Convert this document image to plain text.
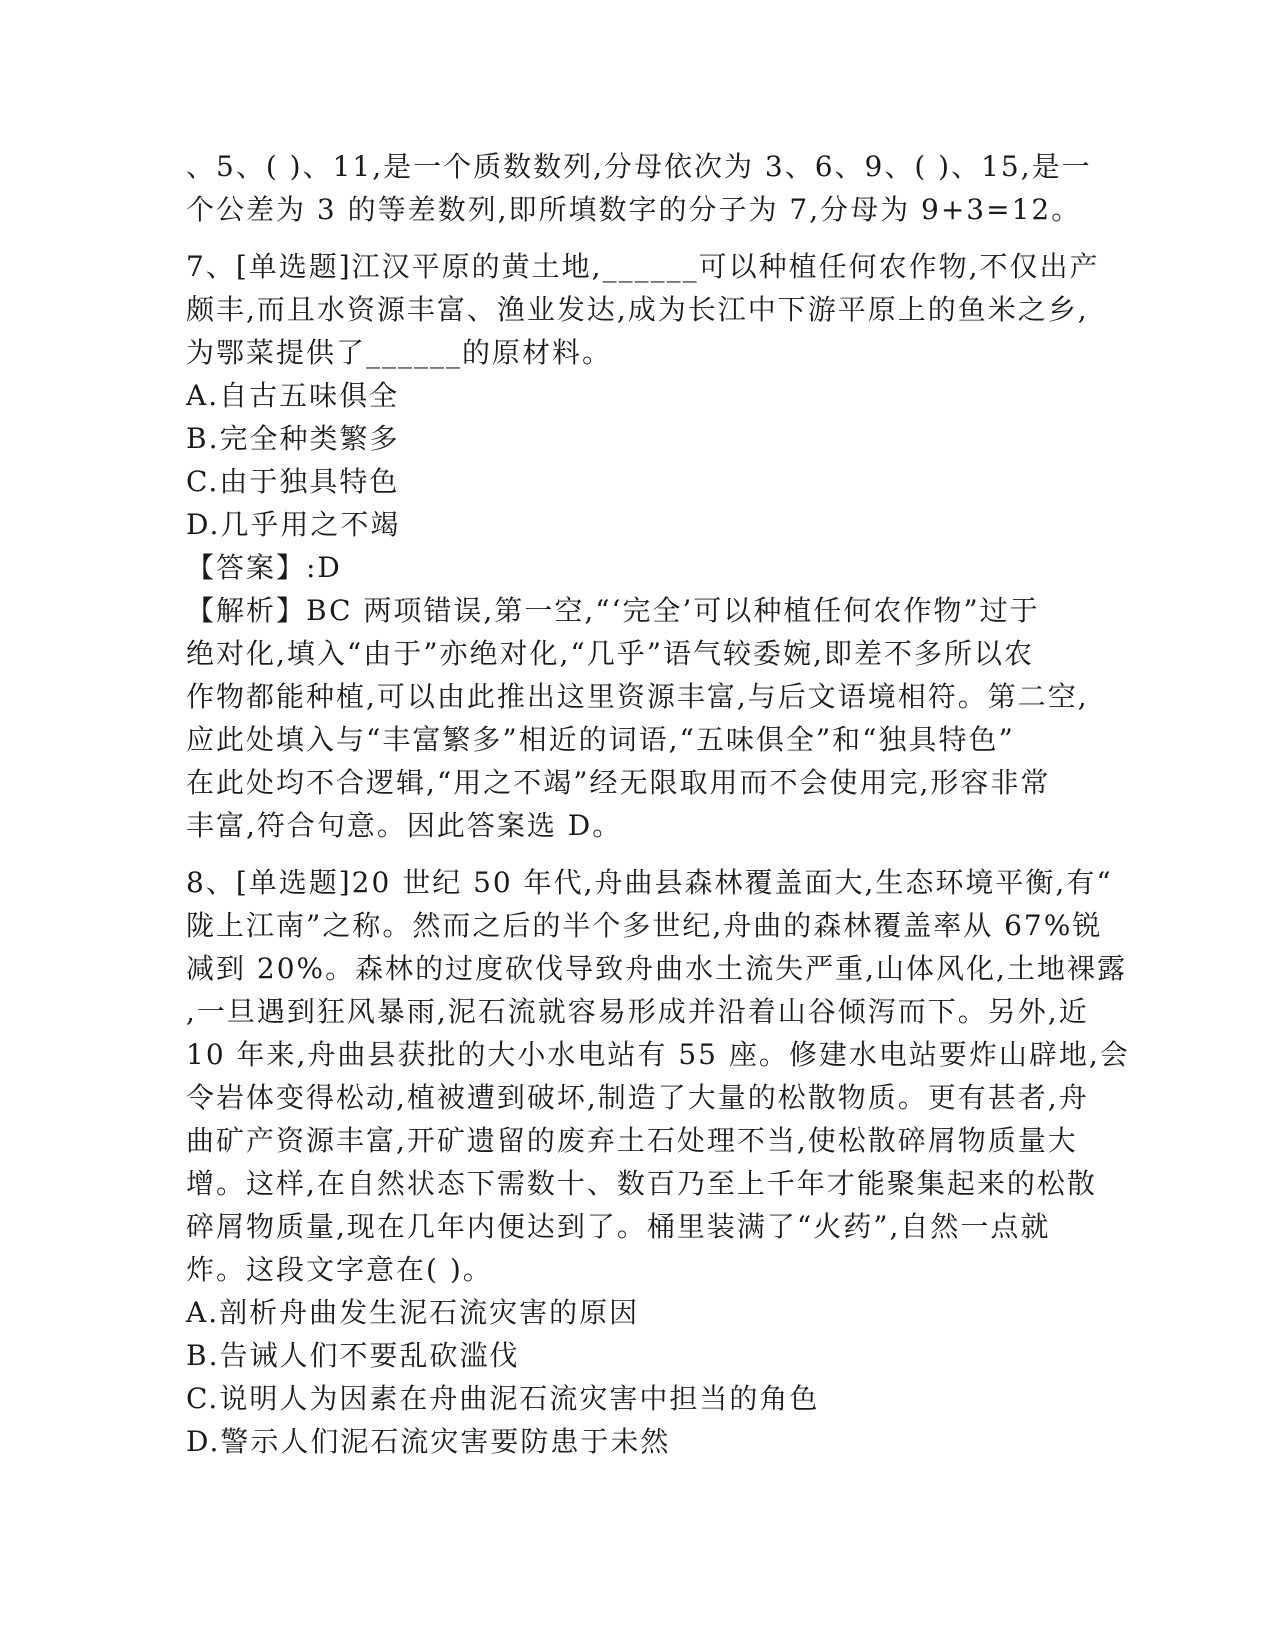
、5、( )、11,是一个质数数列,分母依次为 3、6、9、( )、15,是一
个公差为 3 的等差数列,即所填数字的分子为 7,分母为 9+3=12。
7、[单选题]江汉平原的黄土地,______可以种植任何农作物,不仅出产
颇丰,而且水资源丰富、渔业发达,成为长江中下游平原上的鱼米之乡,
为鄂菜提供了______的原材料。
A.自古五味俱全
B.完全种类繁多
C.由于独具特色
D.几乎用之不竭
【答案】:D
【解析】BC 两项错误,第一空,“‘完全’可以种植任何农作物”过于
绝对化,填入“由于”亦绝对化,“几乎”语气较委婉,即差不多所以农
作物都能种植,可以由此推出这里资源丰富,与后文语境相符。第二空,
应此处填入与“丰富繁多”相近的词语,“五味俱全”和“独具特色”
在此处均不合逻辑,“用之不竭”经无限取用而不会使用完,形容非常
丰富,符合句意。因此答案选 D。
8、[单选题]20 世纪 50 年代,舟曲县森林覆盖面大,生态环境平衡,有“
陇上江南”之称。然而之后的半个多世纪,舟曲的森林覆盖率从 67%锐
减到 20%。森林的过度砍伐导致舟曲水土流失严重,山体风化,土地裸露
,一旦遇到狂风暴雨,泥石流就容易形成并沿着山谷倾泻而下。另外,近
10 年来,舟曲县获批的大小水电站有 55 座。修建水电站要炸山辟地,会
令岩体变得松动,植被遭到破坏,制造了大量的松散物质。更有甚者,舟
曲矿产资源丰富,开矿遗留的废弃土石处理不当,使松散碎屑物质量大
增。这样,在自然状态下需数十、数百乃至上千年才能聚集起来的松散
碎屑物质量,现在几年内便达到了。桶里装满了“火药”,自然一点就
炸。这段文字意在( )。
A.剖析舟曲发生泥石流灾害的原因
B.告诫人们不要乱砍滥伐
C.说明人为因素在舟曲泥石流灾害中担当的角色
D.警示人们泥石流灾害要防患于未然
